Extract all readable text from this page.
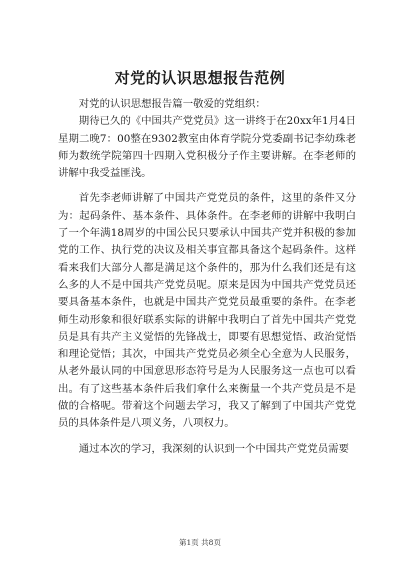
对党的认识思想报告范例

对党的认识思想报告篇一敬爱的党组织：

期待已久的《中国共产党党员》这一讲终于在20xx年1月4日星期二晚7：00整在9302教室由体育学院分党委副书记李幼珠老师为数统学院第四十四期入党积极分子作主要讲解。在李老师的讲解中我受益匪浅。

首先李老师讲解了中国共产党党员的条件，这里的条件又分为：起码条件、基本条件、具体条件。在李老师的讲解中我明白了一个年满18周岁的中国公民只要承认中国共产党并积极的参加党的工作、执行党的决议及相关事宜都具备这个起码条件。这样看来我们大部分人都是满足这个条件的，那为什么我们还是有这么多的人不是中国共产党党员呢。原来是因为中国共产党党员还要具备基本条件，也就是中国共产党党员最重要的条件。在李老师生动形象和很好联系实际的讲解中我明白了首先中国共产党党员是具有共产主义觉悟的先锋战士，即要有思想觉悟、政治觉悟和理论觉悟；其次，中国共产党党员必须全心全意为人民服务，从老外最认同的中国意思形态符号是为人民服务这一点也可以看出。有了这些基本条件后我们拿什么来衡量一个共产党员是不是做的合格呢。带着这个问题去学习，我又了解到了中国共产党党员的具体条件是八项义务，八项权力。

通过本次的学习，我深刻的认识到一个中国共产党党员需要

第1页 共8页
